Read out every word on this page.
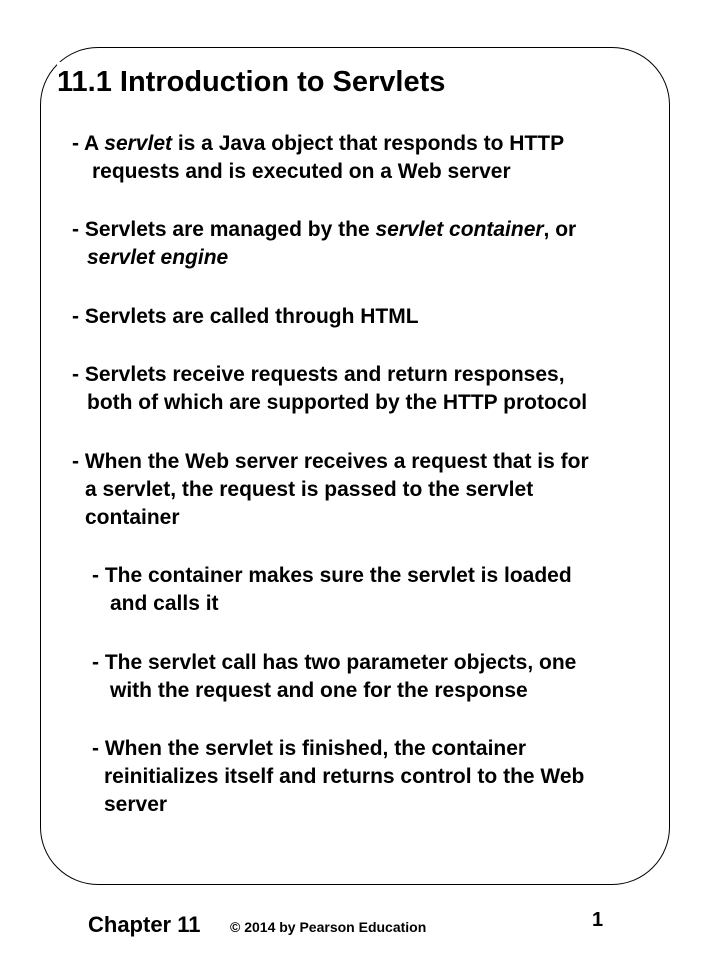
11.1 Introduction to Servlets

- A servlet is a Java object that responds to HTTP

requests and is executed on a Web server

- Servlets are managed by the servlet container, or

servlet engine

- Servlets are called through HTML

- Servlets receive requests and return responses,

both of which are supported by the HTTP protocol

- When the Web server receives a request that is for

a servlet, the request is passed to the servlet

container

- The container makes sure the servlet is loaded

and calls it

- The servlet call has two parameter objects, one

with the request and one for the response

- When the servlet is finished, the container

reinitializes itself and returns control to the Web

server

Chapter 11 © 2014 by Pearson Education	1
